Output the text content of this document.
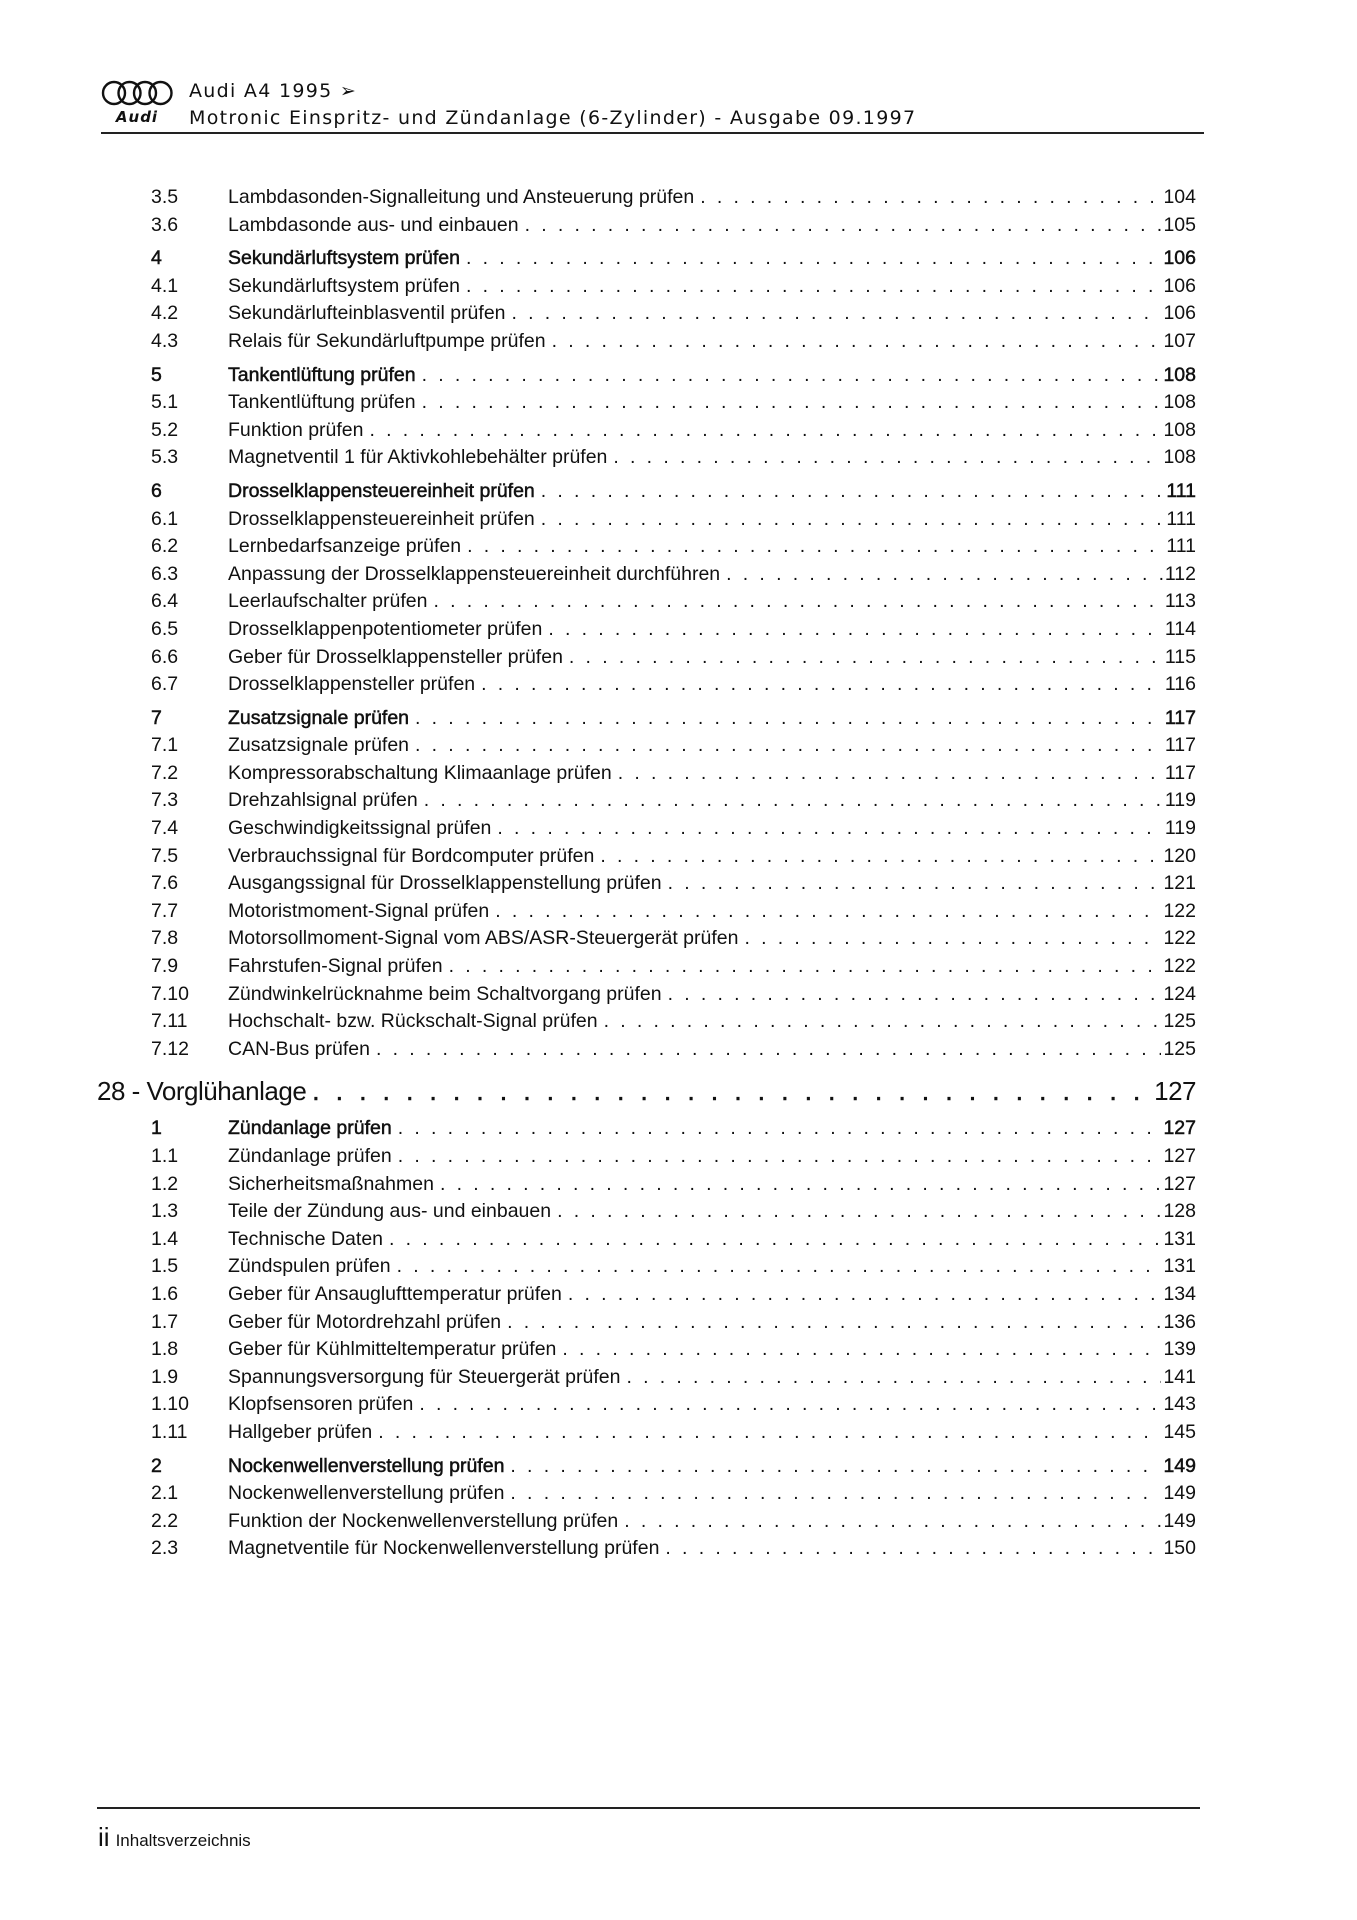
Audi
Audi A4 1995 ➢
Motronic Einspritz- und Zündanlage (6-Zylinder) - Ausgabe 09.1997
3.5	Lambdasonden-Signalleitung und Ansteuerung prüfen . . .	104
3.6	Lambdasonde aus- und einbauen . . .	105
4	Sekundärluftsystem prüfen . . .	106
4.1	Sekundärluftsystem prüfen . . .	106
4.2	Sekundärlufteinblasventil prüfen . . .	106
4.3	Relais für Sekundärluftpumpe prüfen . . .	107
5	Tankentlüftung prüfen . . .	108
5.1	Tankentlüftung prüfen . . .	108
5.2	Funktion prüfen . . .	108
5.3	Magnetventil 1 für Aktivkohlebehälter prüfen . . .	108
6	Drosselklappensteuereinheit prüfen . . .	111
6.1	Drosselklappensteuereinheit prüfen . . .	111
6.2	Lernbedarfsanzeige prüfen . . .	111
6.3	Anpassung der Drosselklappensteuereinheit durchführen . . .	112
6.4	Leerlaufschalter prüfen . . .	113
6.5	Drosselklappenpotentiometer prüfen . . .	114
6.6	Geber für Drosselklappensteller prüfen . . .	115
6.7	Drosselklappensteller prüfen . . .	116
7	Zusatzsignale prüfen . . .	117
7.1	Zusatzsignale prüfen . . .	117
7.2	Kompressorabschaltung Klimaanlage prüfen . . .	117
7.3	Drehzahlsignal prüfen . . .	119
7.4	Geschwindigkeitssignal prüfen . . .	119
7.5	Verbrauchssignal für Bordcomputer prüfen . . .	120
7.6	Ausgangssignal für Drosselklappenstellung prüfen . . .	121
7.7	Motoristmoment-Signal prüfen . . .	122
7.8	Motorsollmoment-Signal vom ABS/ASR-Steuergerät prüfen . . .	122
7.9	Fahrstufen-Signal prüfen . . .	122
7.10 Zündwinkelrücknahme beim Schaltvorgang prüfen . . .	124
7.11 Hochschalt- bzw. Rückschalt-Signal prüfen . . .	125
7.12 CAN-Bus prüfen . . .	125
28 - Vorglühanlage . . .	127
1	Zündanlage prüfen . . .	127
1.1	Zündanlage prüfen . . .	127
1.2	Sicherheitsmaßnahmen . . .	127
1.3	Teile der Zündung aus- und einbauen . . .	128
1.4	Technische Daten . . .	131
1.5	Zündspulen prüfen . . .	131
1.6	Geber für Ansauglufttemperatur prüfen . . .	134
1.7	Geber für Motordrehzahl prüfen . . .	136
1.8	Geber für Kühlmitteltemperatur prüfen . . .	139
1.9	Spannungsversorgung für Steuergerät prüfen . . .	141
1.10 Klopfsensoren prüfen . . .	143
1.11 Hallgeber prüfen . . .	145
2	Nockenwellenverstellung prüfen . . .	149
2.1	Nockenwellenverstellung prüfen . . .	149
2.2	Funktion der Nockenwellenverstellung prüfen . . .	149
2.3	Magnetventile für Nockenwellenverstellung prüfen . . .	150
ii Inhaltsverzeichnis
